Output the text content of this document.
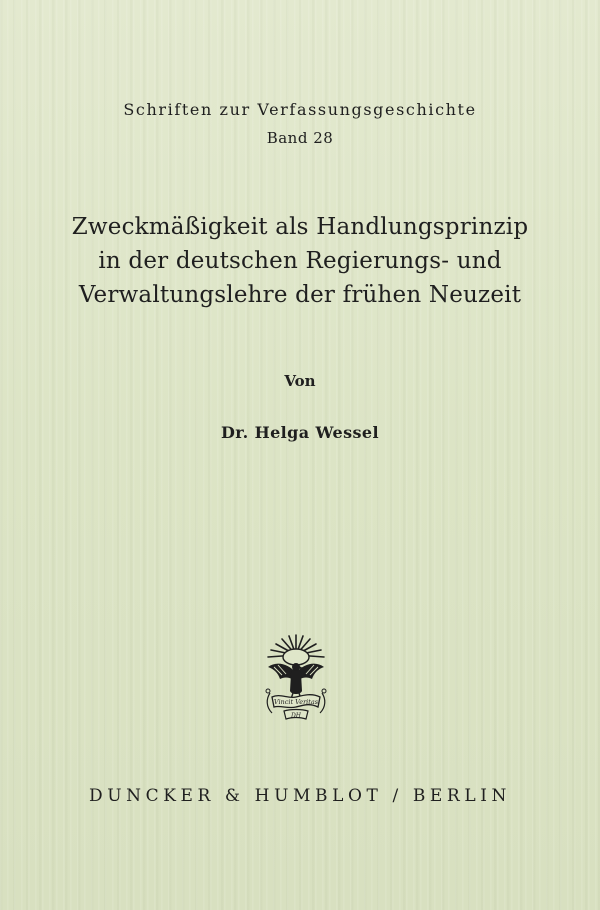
Schriften zur Verfassungsgeschichte
Band 28
Zweckmäßigkeit als Handlungsprinzip
in der deutschen Regierungs- und
Verwaltungslehre der frühen Neuzeit
Von
Dr. Helga Wessel
Vincit Veritas
DH
DUNCKER & HUMBLOT / BERLIN
